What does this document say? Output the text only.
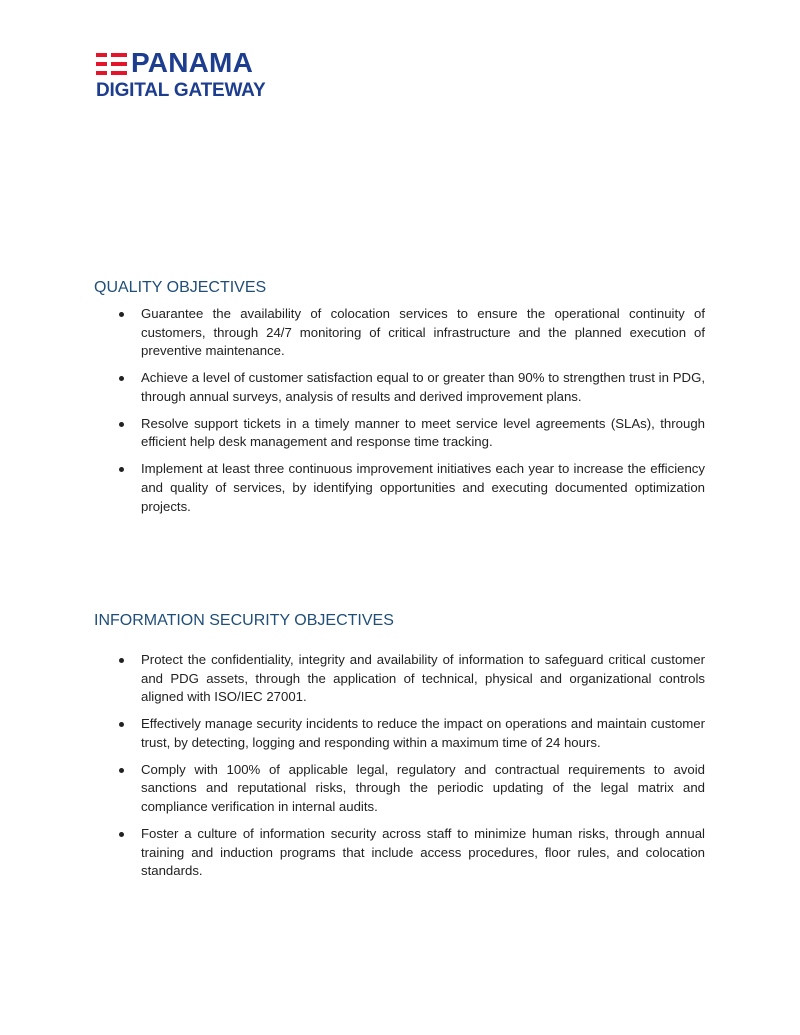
PANAMA
DIGITAL GATEWAY
QUALITY OBJECTIVES
Guarantee the availability of colocation services to ensure the operational continuity of customers, through 24/7 monitoring of critical infrastructure and the planned execution of preventive maintenance.
Achieve a level of customer satisfaction equal to or greater than 90% to strengthen trust in PDG, through annual surveys, analysis of results and derived improvement plans.
Resolve support tickets in a timely manner to meet service level agreements (SLAs), through efficient help desk management and response time tracking.
Implement at least three continuous improvement initiatives each year to increase the efficiency and quality of services, by identifying opportunities and executing documented optimization projects.
INFORMATION SECURITY OBJECTIVES
Protect the confidentiality, integrity and availability of information to safeguard critical customer and PDG assets, through the application of technical, physical and organizational controls aligned with ISO/IEC 27001.
Effectively manage security incidents to reduce the impact on operations and maintain customer trust, by detecting, logging and responding within a maximum time of 24 hours.
Comply with 100% of applicable legal, regulatory and contractual requirements to avoid sanctions and reputational risks, through the periodic updating of the legal matrix and compliance verification in internal audits.
Foster a culture of information security across staff to minimize human risks, through annual training and induction programs that include access procedures, floor rules, and colocation standards.
